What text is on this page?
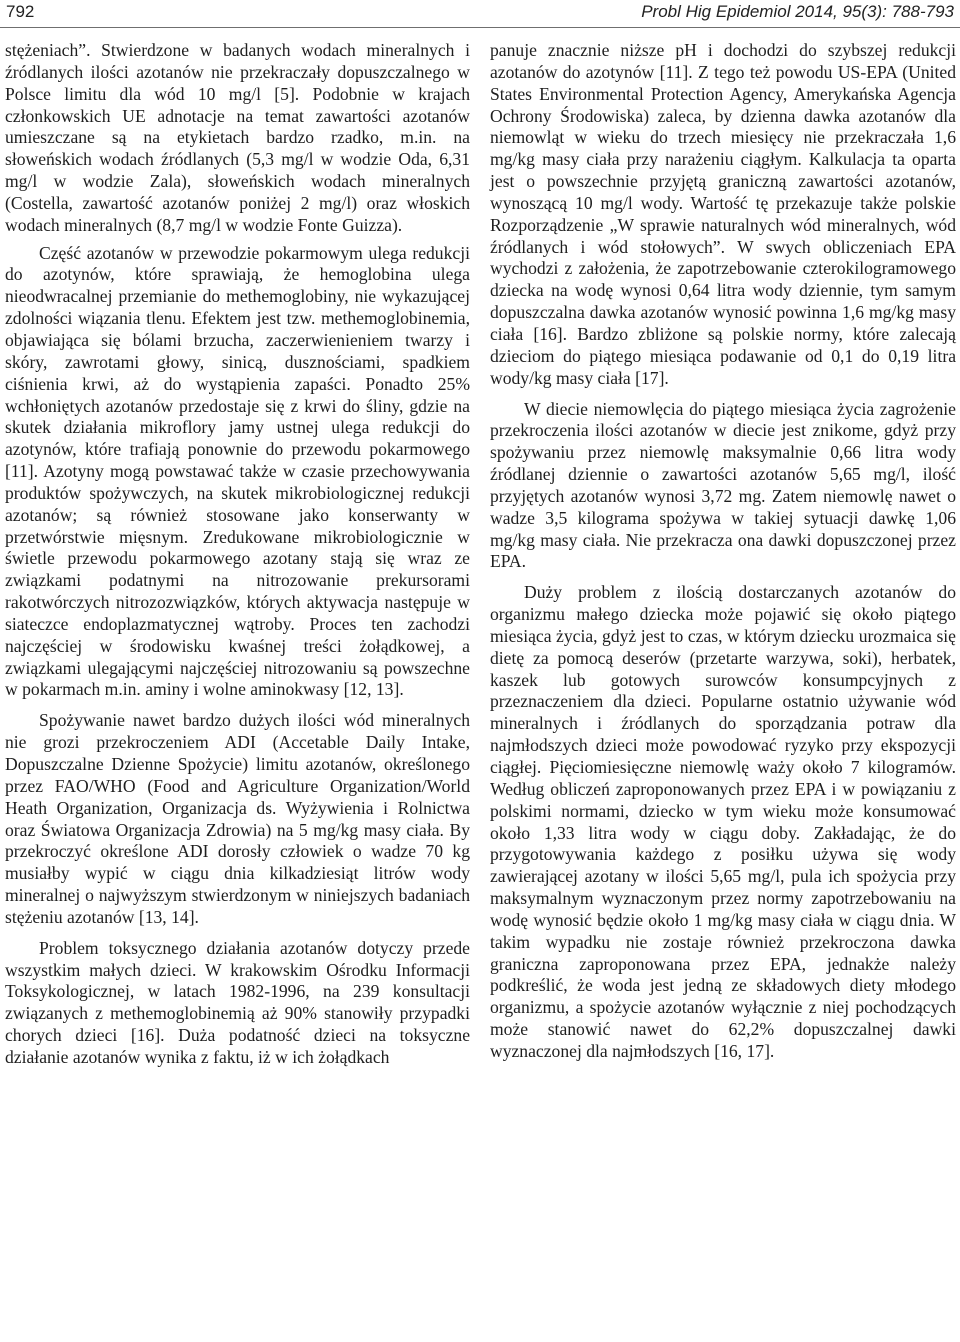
792	Probl Hig Epidemiol 2014, 95(3): 788-793

stężeniach”. Stwierdzone w badanych wodach mineralnych i źródlanych ilości azotanów nie przekraczały dopuszczalnego w Polsce limitu dla wód 10 mg/l [5]. Podobnie w krajach członkowskich UE adnotacje na temat zawartości azotanów umieszczane są na etykietach bardzo rzadko, m.in. na słoweńskich wodach źródlanych (5,3 mg/l w wodzie Oda, 6,31 mg/l w wodzie Zala), słoweńskich wodach mineralnych (Costella, zawartość azotanów poniżej 2 mg/l) oraz włoskich wodach mineralnych (8,7 mg/l w wodzie Fonte Guizza).

Część azotanów w przewodzie pokarmowym ulega redukcji do azotynów, które sprawiają, że hemoglobina ulega nieodwracalnej przemianie do methemoglobiny, nie wykazującej zdolności wiązania tlenu. Efektem jest tzw. methemoglobinemia, objawiająca się bólami brzucha, zaczerwienieniem twarzy i skóry, zawrotami głowy, sinicą, dusznościami, spadkiem ciśnienia krwi, aż do wystąpienia zapaści. Ponadto 25% wchłoniętych azotanów przedostaje się z krwi do śliny, gdzie na skutek działania mikroflory jamy ustnej ulega redukcji do azotynów, które trafiają ponownie do przewodu pokarmowego [11]. Azotyny mogą powstawać także w czasie przechowywania produktów spożywczych, na skutek mikrobiologicznej redukcji azotanów; są również stosowane jako konserwanty w przetwórstwie mięsnym. Zredukowane mikrobiologicznie w świetle przewodu pokarmowego azotany stają się wraz ze związkami podatnymi na nitrozowanie prekursorami rakotwórczych nitrozozwiązków, których aktywacja następuje w siateczce endoplazmatycznej wątroby. Proces ten zachodzi najczęściej w środowisku kwaśnej treści żołądkowej, a związkami ulegającymi najczęściej nitrozowaniu są powszechne w pokarmach m.in. aminy i wolne aminokwasy [12, 13].

Spożywanie nawet bardzo dużych ilości wód mineralnych nie grozi przekroczeniem ADI (Accetable Daily Intake, Dopuszczalne Dzienne Spożycie) limitu azotanów, określonego przez FAO/WHO (Food and Agriculture Organization/World Heath Organization, Organizacja ds. Wyżywienia i Rolnictwa oraz Światowa Organizacja Zdrowia) na 5 mg/kg masy ciała. By przekroczyć określone ADI dorosły człowiek o wadze 70 kg musiałby wypić w ciągu dnia kilkadziesiąt litrów wody mineralnej o najwyższym stwierdzonym w niniejszych badaniach stężeniu azotanów [13, 14].

Problem toksycznego działania azotanów dotyczy przede wszystkim małych dzieci. W krakowskim Ośrodku Informacji Toksykologicznej, w latach 1982-1996, na 239 konsultacji związanych z methemoglobinemią aż 90% stanowiły przypadki chorych dzieci [16]. Duża podatność dzieci na toksyczne działanie azotanów wynika z faktu, iż w ich żołądkach

panuje znacznie niższe pH i dochodzi do szybszej redukcji azotanów do azotynów [11]. Z tego też powodu US-EPA (United States Environmental Protection Agency, Amerykańska Agencja Ochrony Środowiska) zaleca, by dzienna dawka azotanów dla niemowląt w wieku do trzech miesięcy nie przekraczała 1,6 mg/kg masy ciała przy narażeniu ciągłym. Kalkulacja ta oparta jest o powszechnie przyjętą graniczną zawartości azotanów, wynoszącą 10 mg/l wody. Wartość tę przekazuje także polskie Rozporządzenie „W sprawie naturalnych wód mineralnych, wód źródlanych i wód stołowych”. W swych obliczeniach EPA wychodzi z założenia, że zapotrzebowanie czterokilogramowego dziecka na wodę wynosi 0,64 litra wody dziennie, tym samym dopuszczalna dawka azotanów wynosić powinna 1,6 mg/kg masy ciała [16]. Bardzo zbliżone są polskie normy, które zalecają dzieciom do piątego miesiąca podawanie od 0,1 do 0,19 litra wody/kg masy ciała [17].

W diecie niemowlęcia do piątego miesiąca życia zagrożenie przekroczenia ilości azotanów w diecie jest znikome, gdyż przy spożywaniu przez niemowlę maksymalnie 0,66 litra wody źródlanej dziennie o zawartości azotanów 5,65 mg/l, ilość przyjętych azotanów wynosi 3,72 mg. Zatem niemowlę nawet o wadze 3,5 kilograma spożywa w takiej sytuacji dawkę 1,06 mg/kg masy ciała. Nie przekracza ona dawki dopuszczonej przez EPA.

Duży problem z ilością dostarczanych azotanów do organizmu małego dziecka może pojawić się około piątego miesiąca życia, gdyż jest to czas, w którym dziecku urozmaica się dietę za pomocą deserów (przetarte warzywa, soki), herbatek, kaszek lub gotowych surowców konsumpcyjnych z przeznaczeniem dla dzieci. Popularne ostatnio używanie wód mineralnych i źródlanych do sporządzania potraw dla najmłodszych dzieci może powodować ryzyko przy ekspozycji ciągłej. Pięciomiesięczne niemowlę waży około 7 kilogramów. Według obliczeń zaproponowanych przez EPA i w powiązaniu z polskimi normami, dziecko w tym wieku może konsumować około 1,33 litra wody w ciągu doby. Zakładając, że do przygotowywania każdego z posiłku używa się wody zawierającej azotany w ilości 5,65 mg/l, pula ich spożycia przy maksymalnym wyznaczonym przez normy zapotrzebowaniu na wodę wynosić będzie około 1 mg/kg masy ciała w ciągu dnia. W takim wypadku nie zostaje również przekroczona dawka graniczna zaproponowana przez EPA, jednakże należy podkreślić, że woda jest jedną ze składowych diety młodego organizmu, a spożycie azotanów wyłącznie z niej pochodzących może stanowić nawet do 62,2% dopuszczalnej dawki wyznaczonej dla najmłodszych [16, 17].
